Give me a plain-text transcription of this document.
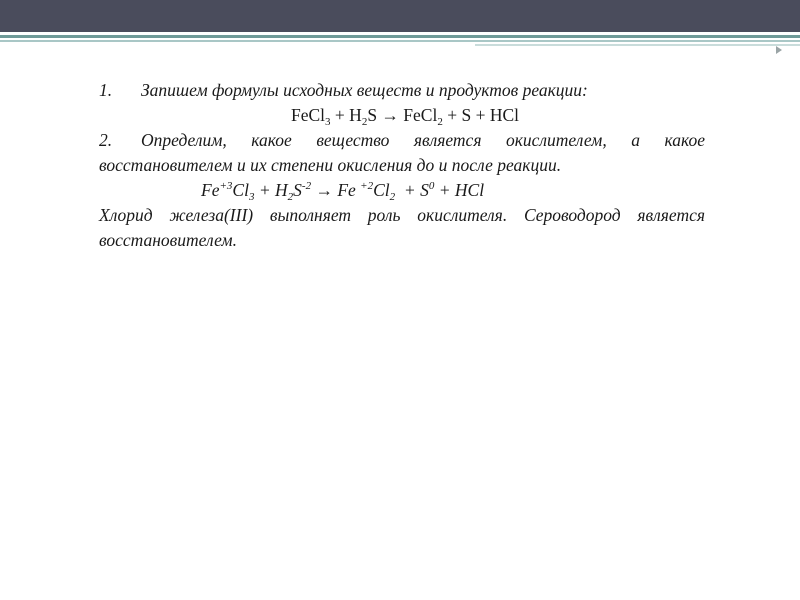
1. Запишем формулы исходных веществ и продуктов реакции:

FeCl$_3$ + $H_2S$ → FeCl$_2$ + S + HCl

2. Определим, какое вещество является окислителем, а какое восстановителем и их степени окисления до и после реакции.

$Fe^{+3}Cl_3 + H_2S^{-2} \to Fe$ $^{+2}Cl_2 + S^0$ + HCl

Хлорид железа(III) выполняет роль окислителя. Сероводород является восстановителем.
